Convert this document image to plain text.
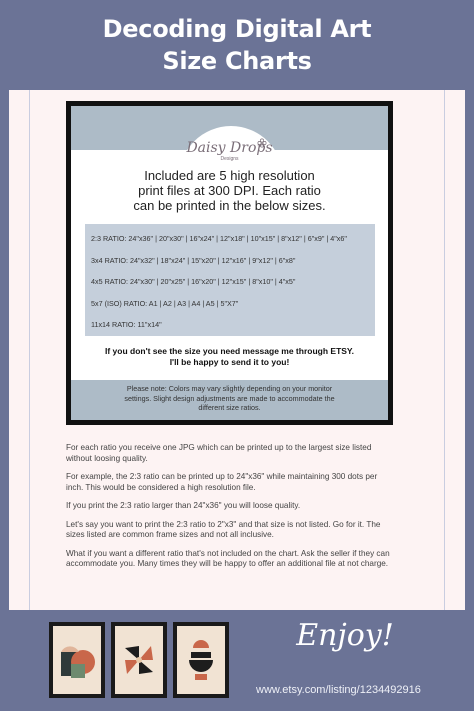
Decoding Digital Art
Size Charts
Daisy Drops
Designs
Included are 5 high resolution
print files at 300 DPI. Each ratio
can be printed in the below sizes.
2:3 RATIO: 24"x36" | 20"x30" | 16"x24" | 12"x18" | 10"x15" | 8"x12" | 6"x9" | 4"x6"
3x4 RATIO: 24"x32" | 18"x24" | 15"x20" | 12"x16" | 9"x12" | 6"x8"
4x5 RATIO: 24"x30" | 20"x25" | 16"x20" | 12"x15" | 8"x10" | 4"x5"
5x7 (ISO) RATIO: A1 | A2 | A3 | A4 | A5 | 5"X7"
11x14 RATIO: 11"x14"
If you don't see the size you need message me through ETSY.
I'll be happy to send it to you!
Please note: Colors may vary slightly depending on your monitor
settings. Slight design adjustments are made to accommodate the
different size ratios.

For each ratio you receive one JPG which can be printed up to the largest size listed without loosing quality.

For example, the 2:3 ratio can be printed up to 24"x36" while maintaining 300 dots per inch. This would be considered a high resolution file.

If you print the 2:3 ratio larger than 24"x36" you will loose quality.

Let's say you want to print the 2:3 ratio to 2"x3" and that size is not listed. Go for it. The sizes listed are common frame sizes and not all inclusive.

What if you want a different ratio that's not included on the chart. Ask the seller if they can accommodate you. Many times they will be happy to offer an additional file at not charge.

Enjoy!
www.etsy.com/listing/1234492916
